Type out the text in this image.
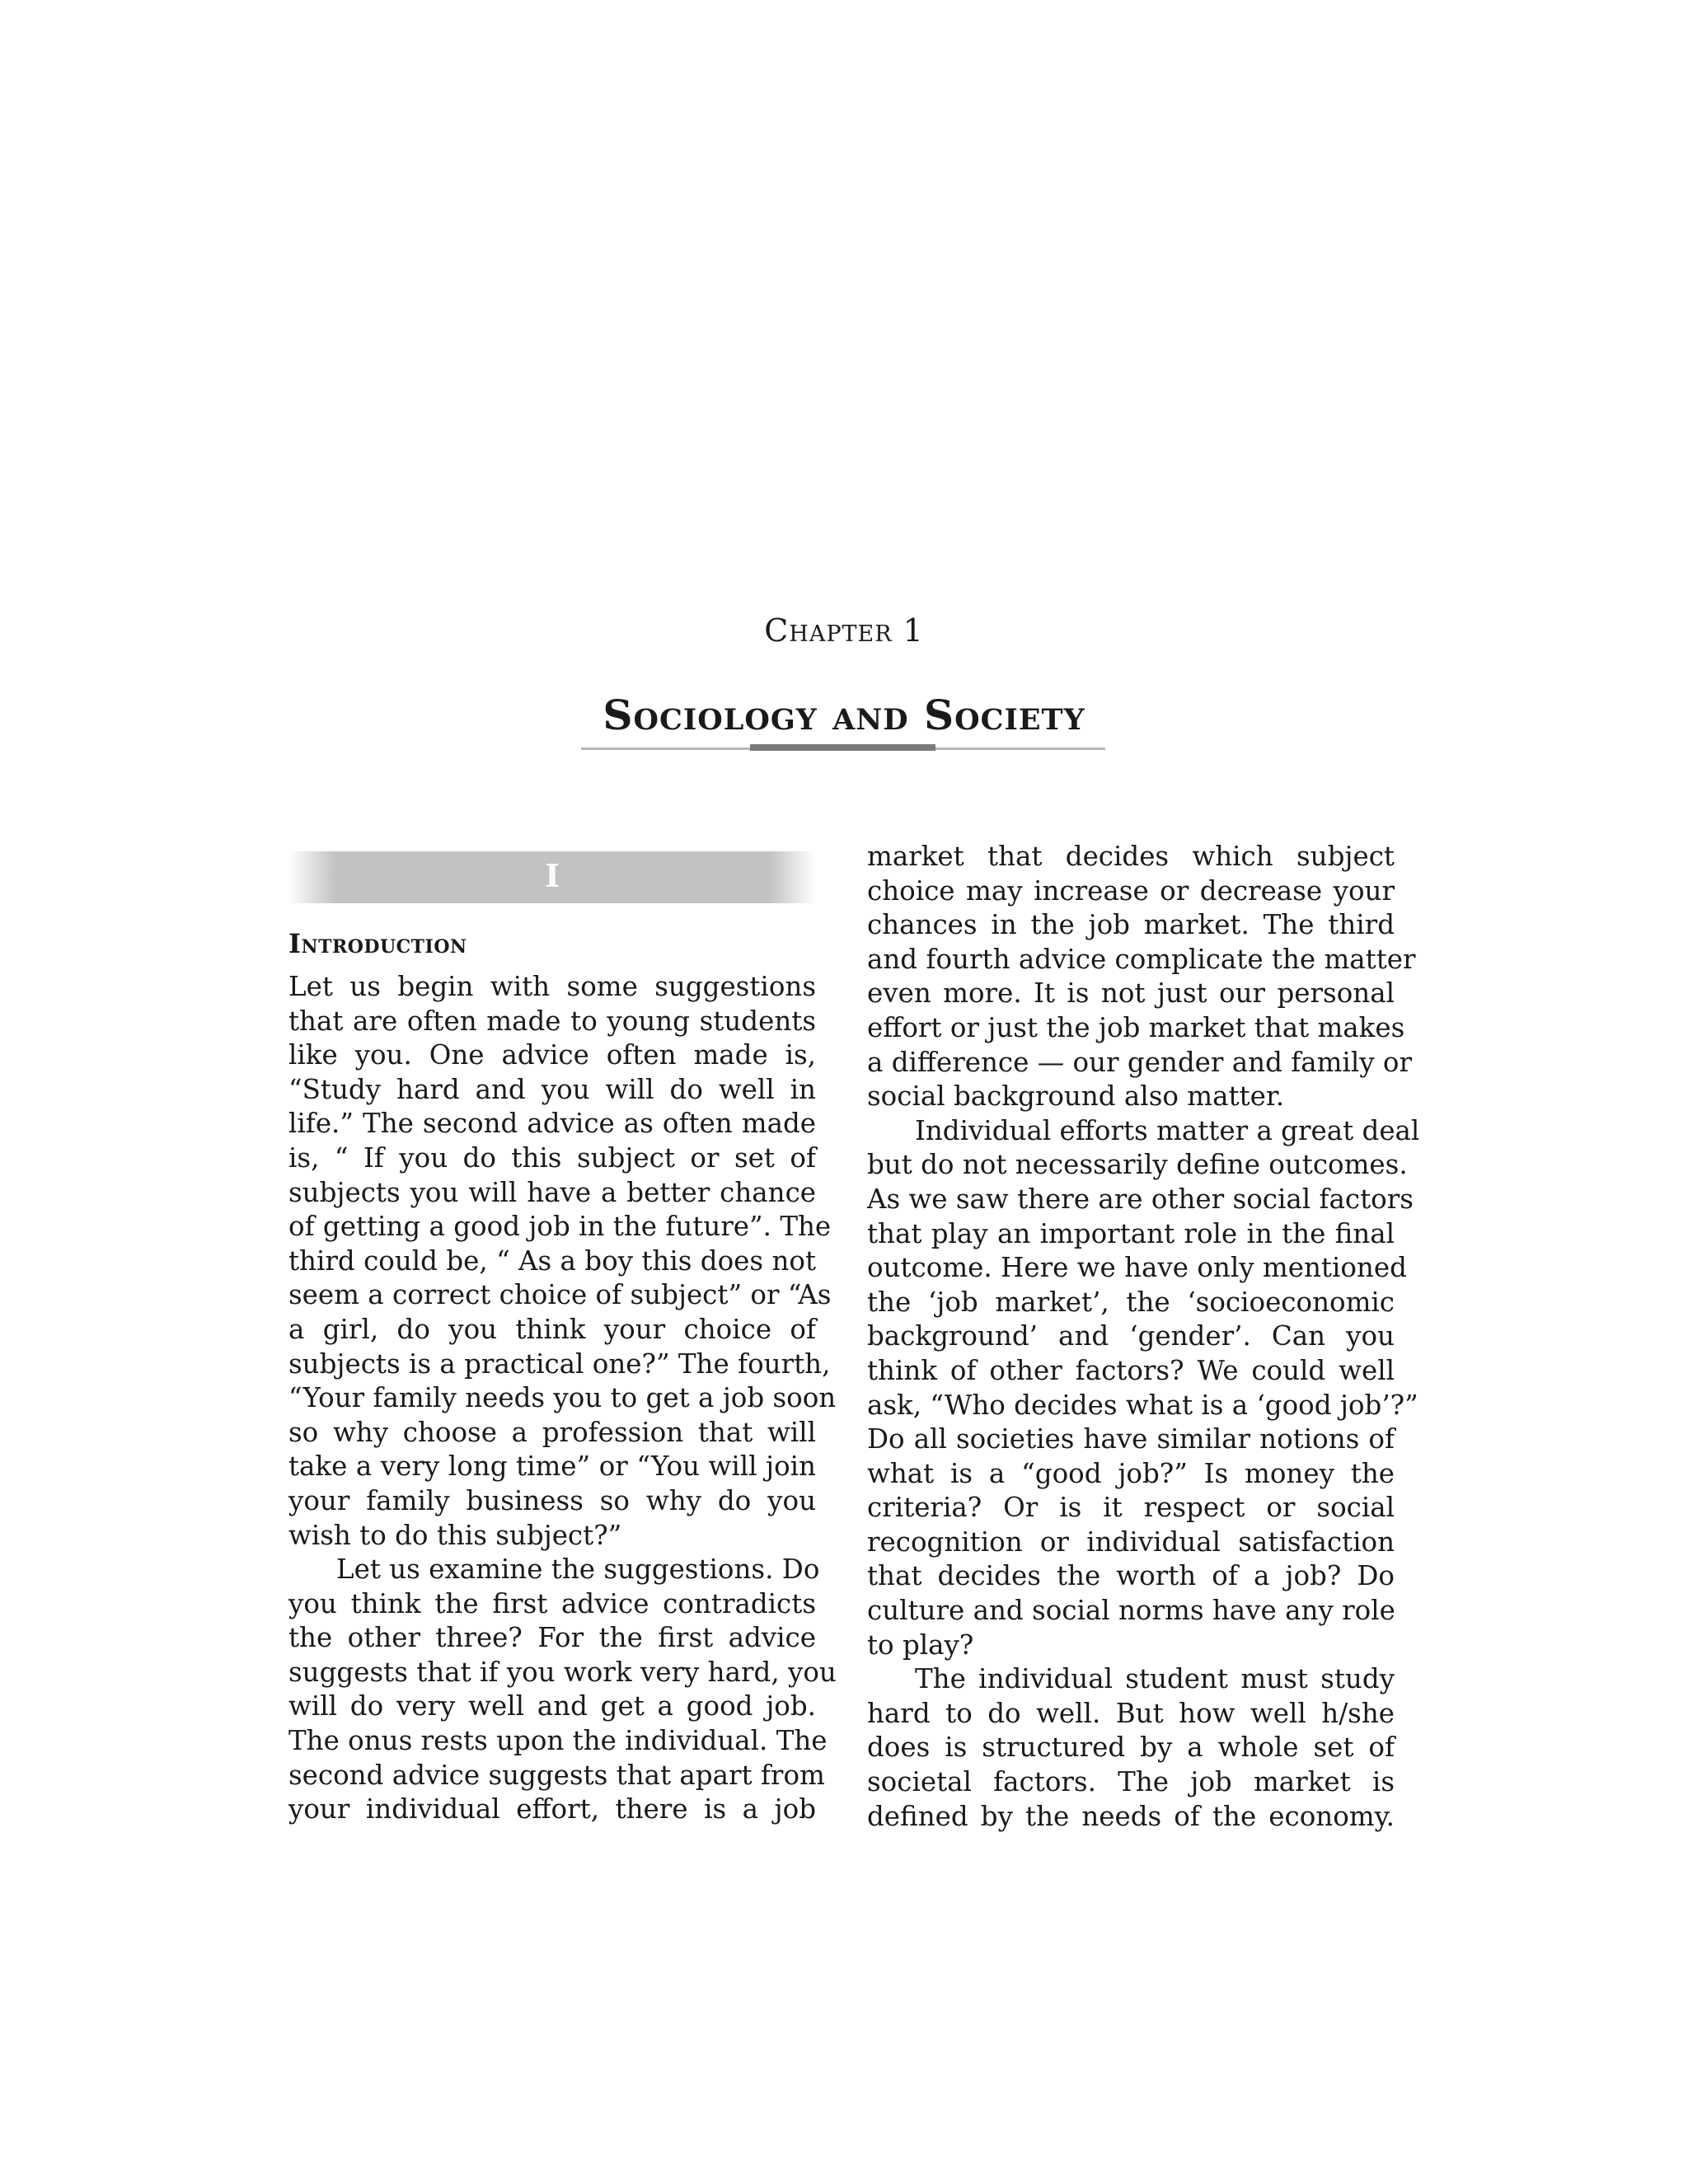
Chapter 1
Sociology and Society
I
Introduction
Let us begin with some suggestions
that are often made to young students
like you. One advice often made is,
“Study hard and you will do well in
life.” The second advice as often made
is, “ If you do this subject or set of
subjects you will have a better chance
of getting a good job in the future”. The
third could be, “ As a boy this does not
seem a correct choice of subject” or “As
a girl, do you think your choice of
subjects is a practical one?” The fourth,
“Your family needs you to get a job soon
so why choose a profession that will
take a very long time” or “You will join
your family business so why do you
wish to do this subject?”
Let us examine the suggestions. Do
you think the first advice contradicts
the other three? For the first advice
suggests that if you work very hard, you
will do very well and get a good job.
The onus rests upon the individual. The
second advice suggests that apart from
your individual effort, there is a job
market that decides which subject
choice may increase or decrease your
chances in the job market. The third
and fourth advice complicate the matter
even more. It is not just our personal
effort or just the job market that makes
a difference — our gender and family or
social background also matter.
Individual efforts matter a great deal
but do not necessarily define outcomes.
As we saw there are other social factors
that play an important role in the final
outcome. Here we have only mentioned
the ‘job market’, the ‘socioeconomic
background’ and ‘gender’. Can you
think of other factors? We could well
ask, “Who decides what is a ‘good job’?”
Do all societies have similar notions of
what is a “good job?” Is money the
criteria? Or is it respect or social
recognition or individual satisfaction
that decides the worth of a job? Do
culture and social norms have any role
to play?
The individual student must study
hard to do well. But how well h/she
does is structured by a whole set of
societal factors. The job market is
defined by the needs of the economy.
